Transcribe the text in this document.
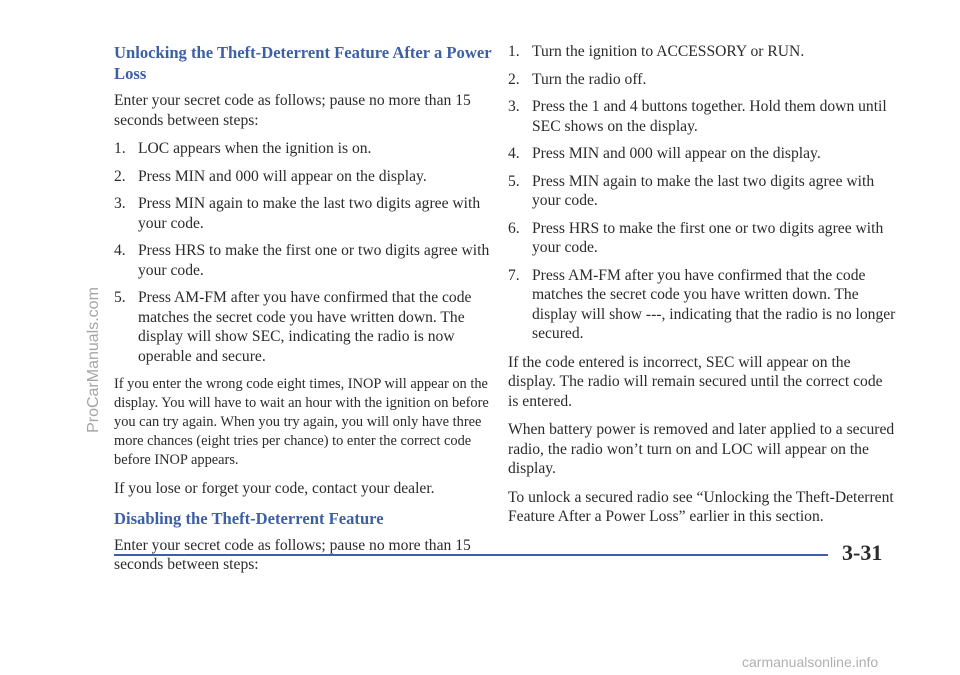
Unlocking the Theft-Deterrent Feature After a Power Loss

Enter your secret code as follows; pause no more than 15 seconds between steps:

1. LOC appears when the ignition is on.
2. Press MIN and 000 will appear on the display.
3. Press MIN again to make the last two digits agree with your code.
4. Press HRS to make the first one or two digits agree with your code.
5. Press AM-FM after you have confirmed that the code matches the secret code you have written down. The display will show SEC, indicating the radio is now operable and secure.

If you enter the wrong code eight times, INOP will appear on the display. You will have to wait an hour with the ignition on before you can try again. When you try again, you will only have three more chances (eight tries per chance) to enter the correct code before INOP appears.

If you lose or forget your code, contact your dealer.

Disabling the Theft-Deterrent Feature

Enter your secret code as follows; pause no more than 15 seconds between steps:

1. Turn the ignition to ACCESSORY or RUN.
2. Turn the radio off.
3. Press the 1 and 4 buttons together. Hold them down until SEC shows on the display.
4. Press MIN and 000 will appear on the display.
5. Press MIN again to make the last two digits agree with your code.
6. Press HRS to make the first one or two digits agree with your code.
7. Press AM-FM after you have confirmed that the code matches the secret code you have written down. The display will show ---, indicating that the radio is no longer secured.

If the code entered is incorrect, SEC will appear on the display. The radio will remain secured until the correct code is entered.

When battery power is removed and later applied to a secured radio, the radio won’t turn on and LOC will appear on the display.

To unlock a secured radio see “Unlocking the Theft-Deterrent Feature After a Power Loss” earlier in this section.

3-31
ProCarManuals.com
carmanualsonline.info
